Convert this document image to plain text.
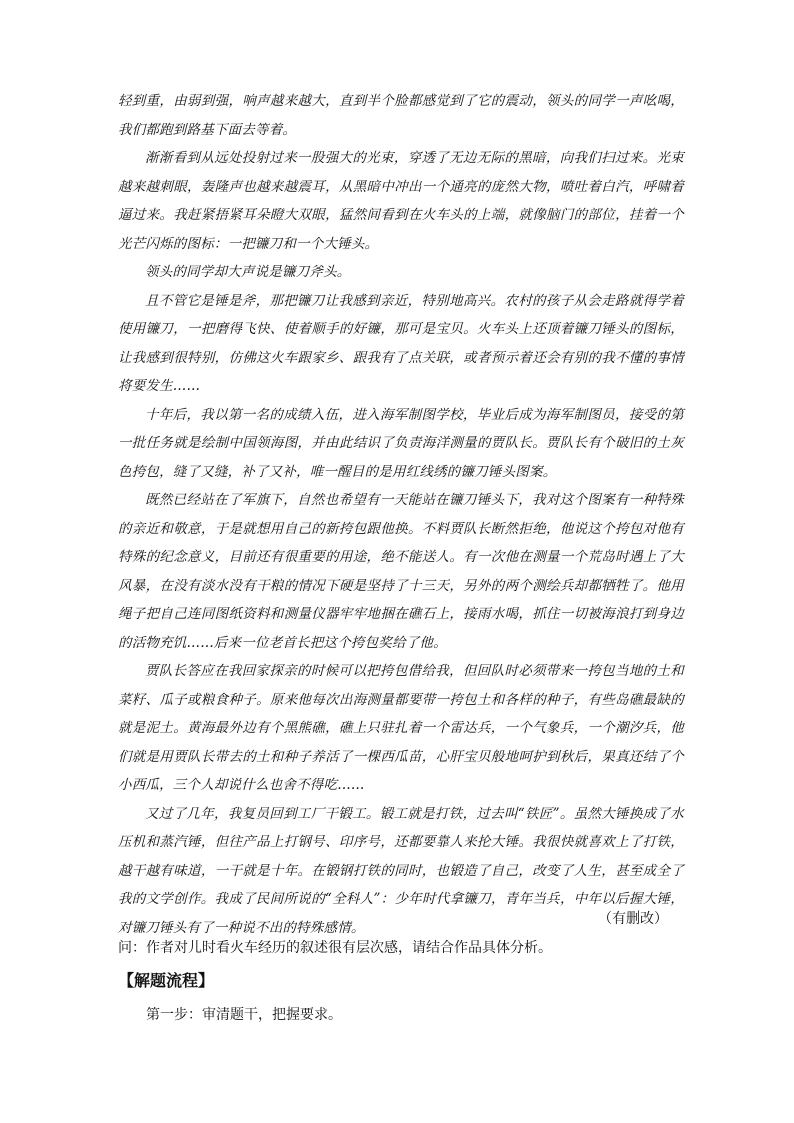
轻到重，由弱到强，响声越来越大，直到半个脸都感觉到了它的震动，领头的同学一声吆喝，我们都跑到路基下面去等着。

渐渐看到从远处投射过来一股强大的光束，穿透了无边无际的黑暗，向我们扫过来。光束越来越刺眼，轰隆声也越来越震耳，从黑暗中冲出一个通亮的庞然大物，喷吐着白汽，呼啸着逼过来。我赶紧捂紧耳朵瞪大双眼，猛然间看到在火车头的上端，就像脑门的部位，挂着一个光芒闪烁的图标：一把镰刀和一个大锤头。

领头的同学却大声说是镰刀斧头。

且不管它是锤是斧，那把镰刀让我感到亲近，特别地高兴。农村的孩子从会走路就得学着使用镰刀，一把磨得飞快、使着顺手的好镰，那可是宝贝。火车头上还顶着镰刀锤头的图标，让我感到很特别，仿佛这火车跟家乡、跟我有了点关联，或者预示着还会有别的我不懂的事情将要发生……

十年后，我以第一名的成绩入伍，进入海军制图学校，毕业后成为海军制图员，接受的第一批任务就是绘制中国领海图，并由此结识了负责海洋测量的贾队长。贾队长有个破旧的土灰色挎包，缝了又缝，补了又补，唯一醒目的是用红线绣的镰刀锤头图案。

既然已经站在了军旗下，自然也希望有一天能站在镰刀锤头下，我对这个图案有一种特殊的亲近和敬意，于是就想用自己的新挎包跟他换。不料贾队长断然拒绝，他说这个挎包对他有特殊的纪念意义，目前还有很重要的用途，绝不能送人。有一次他在测量一个荒岛时遇上了大风暴，在没有淡水没有干粮的情况下硬是坚持了十三天，另外的两个测绘兵却都牺牲了。他用绳子把自己连同图纸资料和测量仪器牢牢地捆在礁石上，接雨水喝，抓住一切被海浪打到身边的活物充饥……后来一位老首长把这个挎包奖给了他。

贾队长答应在我回家探亲的时候可以把挎包借给我，但回队时必须带来一挎包当地的土和菜籽、瓜子或粮食种子。原来他每次出海测量都要带一挎包土和各样的种子，有些岛礁最缺的就是泥土。黄海最外边有个黑熊礁，礁上只驻扎着一个雷达兵，一个气象兵，一个潮汐兵，他们就是用贾队长带去的土和种子养活了一棵西瓜苗，心肝宝贝般地呵护到秋后，果真还结了个小西瓜，三个人却说什么也舍不得吃……

又过了几年，我复员回到工厂干锻工。锻工就是打铁，过去叫“铁匠”。虽然大锤换成了水压机和蒸汽锤，但往产品上打钢号、印序号，还都要靠人来抡大锤。我很快就喜欢上了打铁，越干越有味道，一干就是十年。在锻钢打铁的同时，也锻造了自己，改变了人生，甚至成全了我的文学创作。我成了民间所说的“全科人”：少年时代拿镰刀，青年当兵，中年以后握大锤，对镰刀锤头有了一种说不出的特殊感情。

（有删改）
问：作者对儿时看火车经历的叙述很有层次感，请结合作品具体分析。
【解题流程】
第一步：审清题干，把握要求。
